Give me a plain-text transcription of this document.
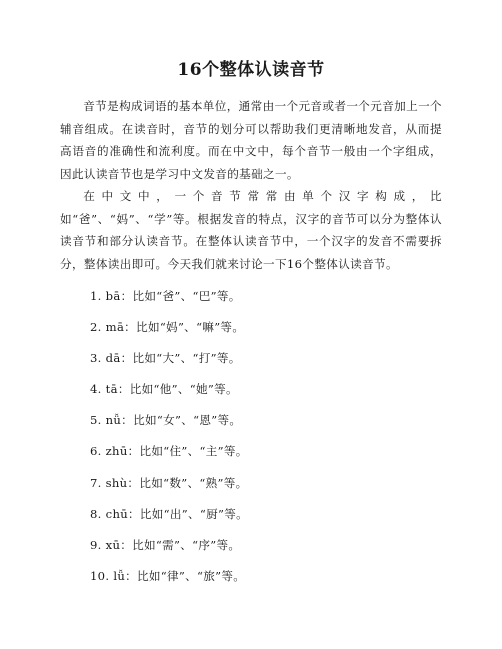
16个整体认读音节

音节是构成词语的基本单位，通常由一个元音或者一个元音加上一个辅音组成。在读音时，音节的划分可以帮助我们更清晰地发音，从而提高语音的准确性和流利度。而在中文中，每个音节一般由一个字组成，因此认读音节也是学习中文发音的基础之一。

在中文中，一个音节常常由单个汉字构成，比如“爸”、“妈”、“学”等。根据发音的特点，汉字的音节可以分为整体认读音节和部分认读音节。在整体认读音节中，一个汉字的发音不需要拆分，整体读出即可。今天我们就来讨论一下16个整体认读音节。

1. bā：比如“爸”、“巴”等。
2. mā：比如“妈”、“嘛”等。
3. dā：比如“大”、“打”等。
4. tā：比如“他”、“她”等。
5. nǚ：比如“女”、“恩”等。
6. zhū：比如“住”、“主”等。
7. shù：比如“数”、“熟”等。
8. chū：比如“出”、“厨”等。
9. xū：比如“需”、“序”等。
10. lǚ：比如“律”、“旅”等。
